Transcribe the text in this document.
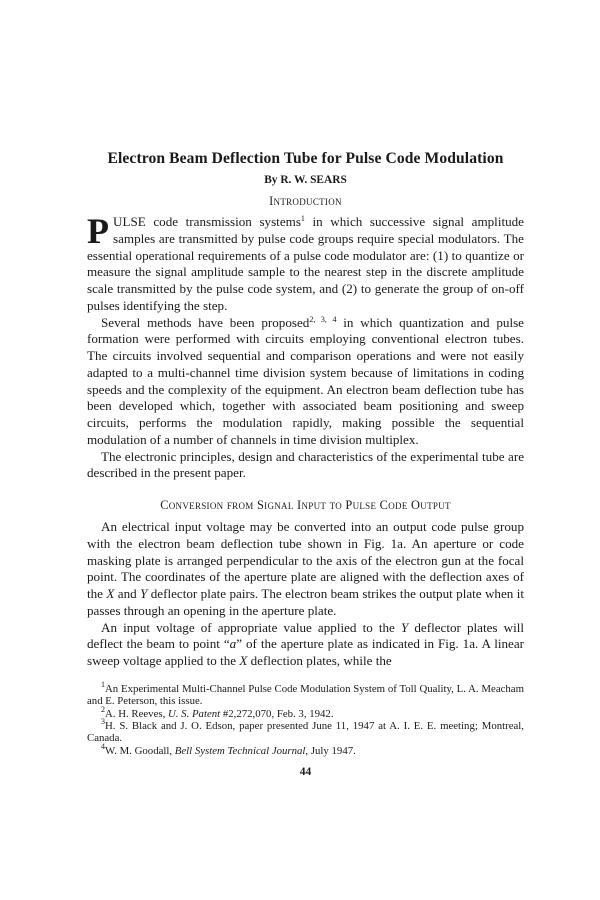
Electron Beam Deflection Tube for Pulse Code Modulation
By R. W. SEARS
Introduction

PULSE code transmission systems$^1$ in which successive signal amplitude samples are transmitted by pulse code groups require special modulators. The essential operational requirements of a pulse code modulator are: (1) to quantize or measure the signal amplitude sample to the nearest step in the discrete amplitude scale transmitted by the pulse code system, and (2) to generate the group of on-off pulses identifying the step.

Several methods have been proposed$^{2, 3, 4}$ in which quantization and pulse formation were performed with circuits employing conventional electron tubes. The circuits involved sequential and comparison operations and were not easily adapted to a multi-channel time division system because of limitations in coding speeds and the complexity of the equipment. An electron beam deflection tube has been developed which, together with associated beam positioning and sweep circuits, performs the modulation rapidly, making possible the sequential modulation of a number of channels in time division multiplex.

The electronic principles, design and characteristics of the experimental tube are described in the present paper.

Conversion from Signal Input to Pulse Code Output

An electrical input voltage may be converted into an output code pulse group with the electron beam deflection tube shown in Fig. 1a. An aperture or code masking plate is arranged perpendicular to the axis of the electron gun at the focal point. The coordinates of the aperture plate are aligned with the deflection axes of the X and Y deflector plate pairs. The electron beam strikes the output plate when it passes through an opening in the aperture plate.

An input voltage of appropriate value applied to the Y deflector plates will deflect the beam to point “a” of the aperture plate as indicated in Fig. 1a. A linear sweep voltage applied to the X deflection plates, while the

$^1$An Experimental Multi-Channel Pulse Code Modulation System of Toll Quality, L. A. Meacham and E. Peterson, this issue.

$^2$A. H. Reeves, U. S. Patent #2,272,070, Feb. 3, 1942.

$^3$H. S. Black and J. O. Edson, paper presented June 11, 1947 at A. I. E. E. meeting; Montreal, Canada.

$^4$W. M. Goodall, Bell System Technical Journal, July 1947.

44
